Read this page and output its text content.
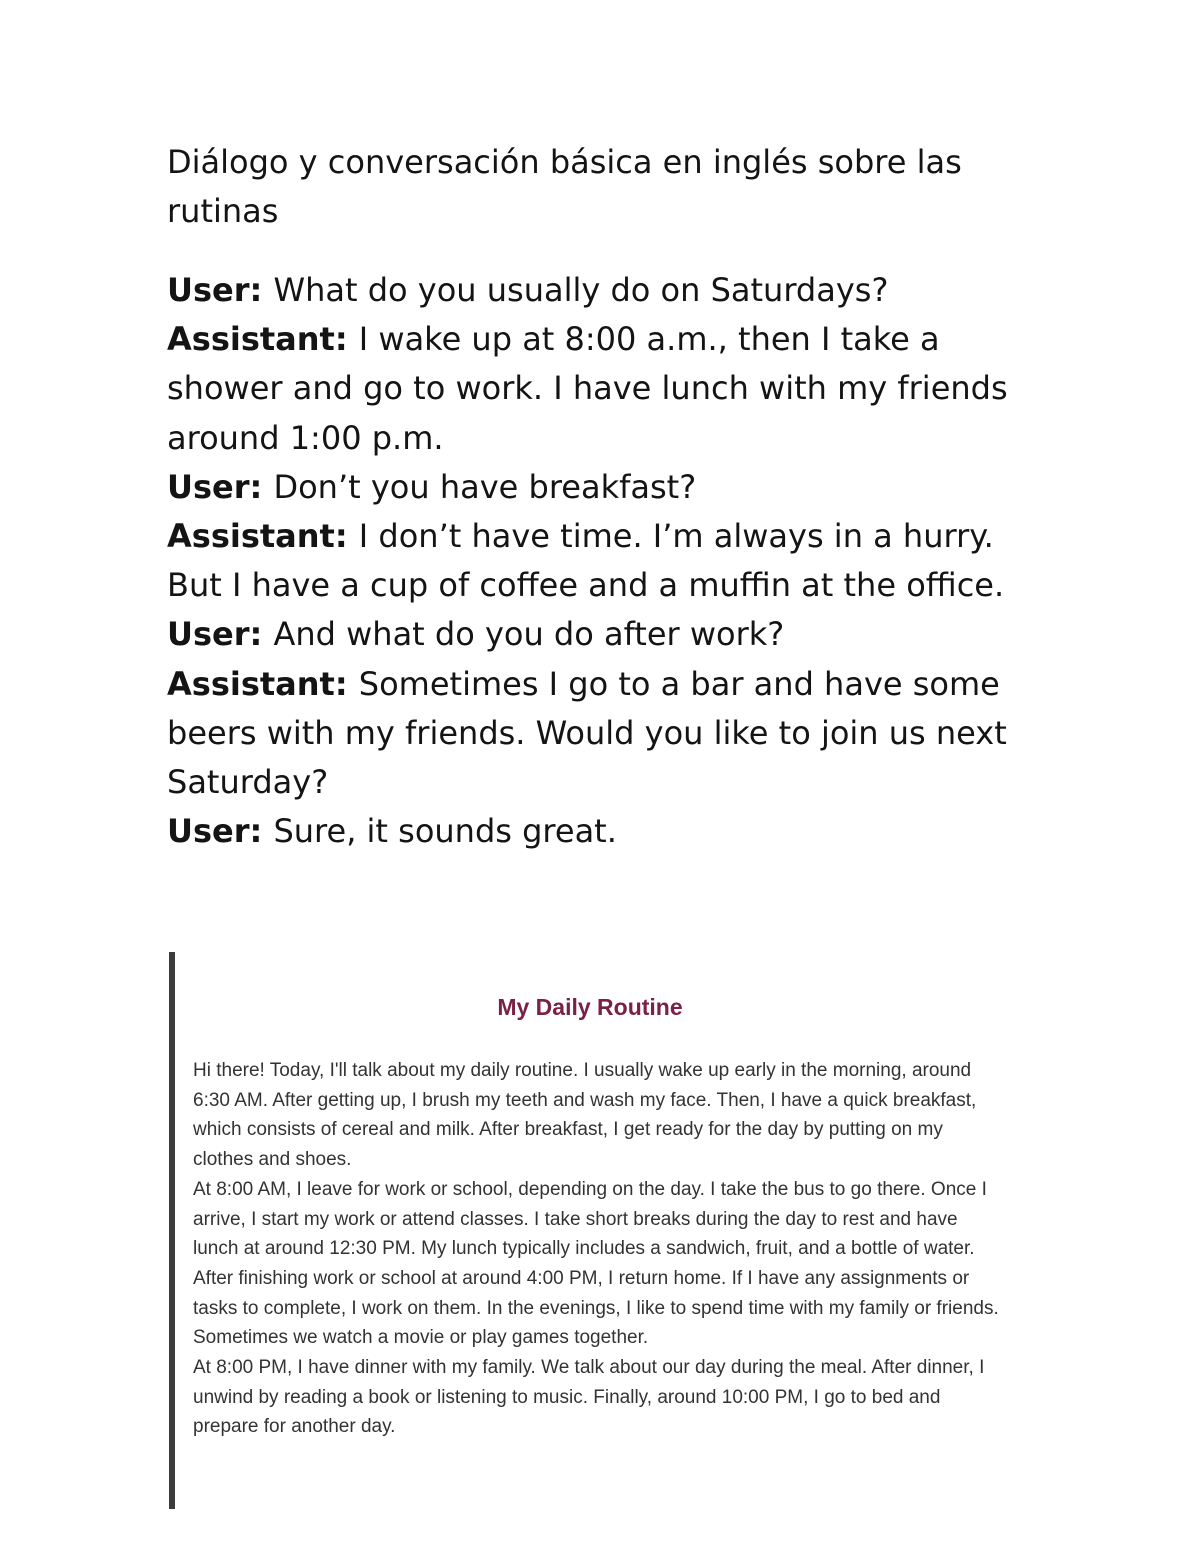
Diálogo y conversación básica en inglés sobre las rutinas

User: What do you usually do on Saturdays?

Assistant: I wake up at 8:00 a.m., then I take a shower and go to work. I have lunch with my friends around 1:00 p.m.

User: Don’t you have breakfast?

Assistant: I don’t have time. I’m always in a hurry. But I have a cup of coffee and a muffin at the office.

User: And what do you do after work?

Assistant: Sometimes I go to a bar and have some beers with my friends. Would you like to join us next Saturday?

User: Sure, it sounds great.

My Daily Routine

Hi there! Today, I'll talk about my daily routine. I usually wake up early in the morning, around 6:30 AM. After getting up, I brush my teeth and wash my face. Then, I have a quick breakfast, which consists of cereal and milk. After breakfast, I get ready for the day by putting on my clothes and shoes.

At 8:00 AM, I leave for work or school, depending on the day. I take the bus to go there. Once I arrive, I start my work or attend classes. I take short breaks during the day to rest and have lunch at around 12:30 PM. My lunch typically includes a sandwich, fruit, and a bottle of water.

After finishing work or school at around 4:00 PM, I return home. If I have any assignments or tasks to complete, I work on them. In the evenings, I like to spend time with my family or friends. Sometimes we watch a movie or play games together.

At 8:00 PM, I have dinner with my family. We talk about our day during the meal. After dinner, I unwind by reading a book or listening to music. Finally, around 10:00 PM, I go to bed and prepare for another day.
